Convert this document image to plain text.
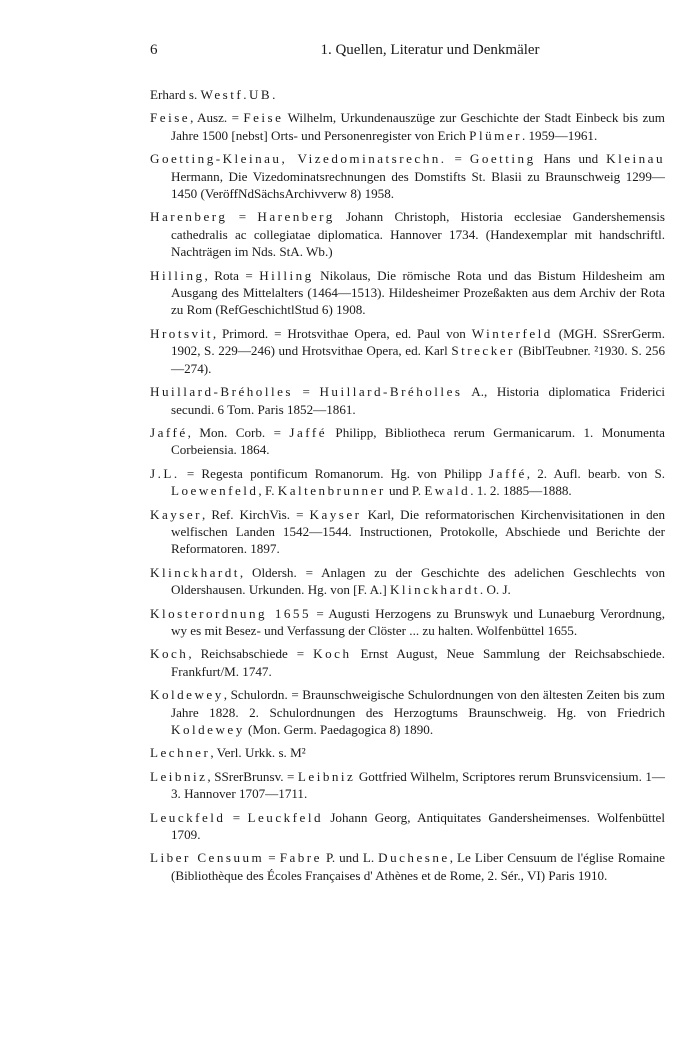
6	1. Quellen, Literatur und Denkmäler
Erhard s. Westf.UB.
Feise, Ausz. = Feise Wilhelm, Urkundenauszüge zur Geschichte der Stadt Einbeck bis zum Jahre 1500 [nebst] Orts- und Personenregister von Erich Plümer. 1959—1961.
Goetting-Kleinau, Vizedominatsrechn. = Goetting Hans und Kleinau Hermann, Die Vizedominatsrechnungen des Domstifts St. Blasii zu Braunschweig 1299—1450 (VeröffNdSächsArchivverw 8) 1958.
Harenberg = Harenberg Johann Christoph, Historia ecclesiae Gandershemensis cathedralis ac collegiatae diplomatica. Hannover 1734. (Handexemplar mit handschriftl. Nachträgen im Nds. StA. Wb.)
Hilling, Rota = Hilling Nikolaus, Die römische Rota und das Bistum Hildesheim am Ausgang des Mittelalters (1464—1513). Hildesheimer Prozeßakten aus dem Archiv der Rota zu Rom (RefGeschichtlStud 6) 1908.
Hrotsvit, Primord. = Hrotsvithae Opera, ed. Paul von Winterfeld (MGH. SSrerGerm. 1902, S. 229—246) und Hrotsvithae Opera, ed. Karl Strecker (BiblTeubner. ²1930. S. 256—274).
Huillard-Bréholles = Huillard-Bréholles A., Historia diplomatica Friderici secundi. 6 Tom. Paris 1852—1861.
Jaffé, Mon. Corb. = Jaffé Philipp, Bibliotheca rerum Germanicarum. 1. Monumenta Corbeiensia. 1864.
J.L. = Regesta pontificum Romanorum. Hg. von Philipp Jaffé, 2. Aufl. bearb. von S. Loewenfeld, F. Kaltenbrunner und P. Ewald. 1. 2. 1885—1888.
Kayser, Ref. KirchVis. = Kayser Karl, Die reformatorischen Kirchenvisitationen in den welfischen Landen 1542—1544. Instructionen, Protokolle, Abschiede und Berichte der Reformatoren. 1897.
Klinckhardt, Oldersh. = Anlagen zu der Geschichte des adelichen Geschlechts von Oldershausen. Urkunden. Hg. von [F. A.] Klinckhardt. O. J.
Klosterordnung 1655 = Augusti Herzogens zu Brunswyk und Lunaeburg Verordnung, wy es mit Besez- und Verfassung der Clöster ... zu halten. Wolfenbüttel 1655.
Koch, Reichsabschiede = Koch Ernst August, Neue Sammlung der Reichsabschiede. Frankfurt/M. 1747.
Koldewey, Schulordn. = Braunschweigische Schulordnungen von den ältesten Zeiten bis zum Jahre 1828. 2. Schulordnungen des Herzogtums Braunschweig. Hg. von Friedrich Koldewey (Mon. Germ. Paedagogica 8) 1890.
Lechner, Verl. Urkk. s. M²
Leibniz, SSrerBrunsv. = Leibniz Gottfried Wilhelm, Scriptores rerum Brunsvicensium. 1—3. Hannover 1707—1711.
Leuckfeld = Leuckfeld Johann Georg, Antiquitates Gandersheimenses. Wolfenbüttel 1709.
Liber Censuum = Fabre P. und L. Duchesne, Le Liber Censuum de l'église Romaine (Bibliothèque des Écoles Françaises d' Athènes et de Rome, 2. Sér., VI) Paris 1910.
